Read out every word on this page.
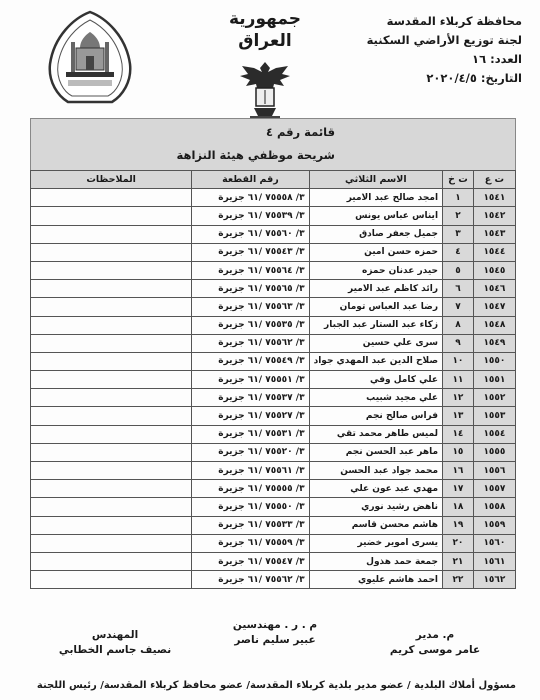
محافظة كربلاء المقدسة
لجنة توزيع الأراضي السكنية
العدد: ١٦
التاريخ: ٢٠٢٠/٤/٥
جمهورية العراق
قائمة رقم ٤
شريحة موظفي هيئة النزاهة
ت ع	ت خ	الاسم الثلاثي	رقم القطعة	الملاحظات
١٥٤١	١	امجد صالح عبد الامير	٣/ ٧٥٥٥٨ /٦١ جزيرة	
١٥٤٢	٢	ايناس عباس يونس	٣/ ٧٥٥٣٩ /٦١ جزيرة	
١٥٤٣	٣	جميل جعفر صادق	٣/ ٧٥٥٦٠ /٦١ جزيرة	
١٥٤٤	٤	حمزه حسن امين	٣/ ٧٥٥٤٣ /٦١ جزيرة	
١٥٤٥	٥	حيدر عدنان حمزه	٣/ ٧٥٥٦٤ /٦١ جزيرة	
١٥٤٦	٦	رائد كاظم عبد الامير	٣/ ٧٥٥٦٥ /٦١ جزيرة	
١٥٤٧	٧	رضا عبد العباس تومان	٣/ ٧٥٥٦٣ /٦١ جزيرة	
١٥٤٨	٨	زكاء عبد الستار عبد الجبار	٣/ ٧٥٥٣٥ /٦١ جزيرة	
١٥٤٩	٩	سرى علي حسين	٣/ ٧٥٥٦٢ /٦١ جزيرة	
١٥٥٠	١٠	صلاح الدين عبد المهدي جواد	٣/ ٧٥٥٤٩ /٦١ جزيرة	
١٥٥١	١١	علي كامل وفي	٣/ ٧٥٥٥١ /٦١ جزيرة	
١٥٥٢	١٢	علي مجيد شبيب	٣/ ٧٥٥٣٧ /٦١ جزيرة	
١٥٥٣	١٣	فراس صالح نجم	٣/ ٧٥٥٢٧ /٦١ جزيرة	
١٥٥٤	١٤	لميس طاهر محمد تقي	٣/ ٧٥٥٣١ /٦١ جزيرة	
١٥٥٥	١٥	ماهر عبد الحسن نجم	٣/ ٧٥٥٢٠ /٦١ جزيرة	
١٥٥٦	١٦	محمد جواد عبد الحسن	٣/ ٧٥٥٦١ /٦١ جزيرة	
١٥٥٧	١٧	مهدي عبد عون علي	٣/ ٧٥٥٥٥ /٦١ جزيرة	
١٥٥٨	١٨	ناهض رشيد نوري	٣/ ٧٥٥٥٠ /٦١ جزيرة	
١٥٥٩	١٩	هاشم محسن قاسم	٣/ ٧٥٥٣٣ /٦١ جزيرة	
١٥٦٠	٢٠	يسرى اموير خضير	٣/ ٧٥٥٥٩ /٦١ جزيرة	
١٥٦١	٢١	جمعة حمد هذول	٣/ ٧٥٥٤٧ /٦١ جزيرة	
١٥٦٢	٢٢	احمد هاشم عليوي	٣/ ٧٥٥٦٢ /٦١ جزيرة	
م. مدير
عامر موسى كريم
م . ر . مهندسين
عبير سليم ناصر
المهندس
نصيف جاسم الخطابي
مسؤول أملاك البلدية / عضو مدير بلدية كربلاء المقدسة/ عضو محافظ كربلاء المقدسة/ رئيس اللجنة
